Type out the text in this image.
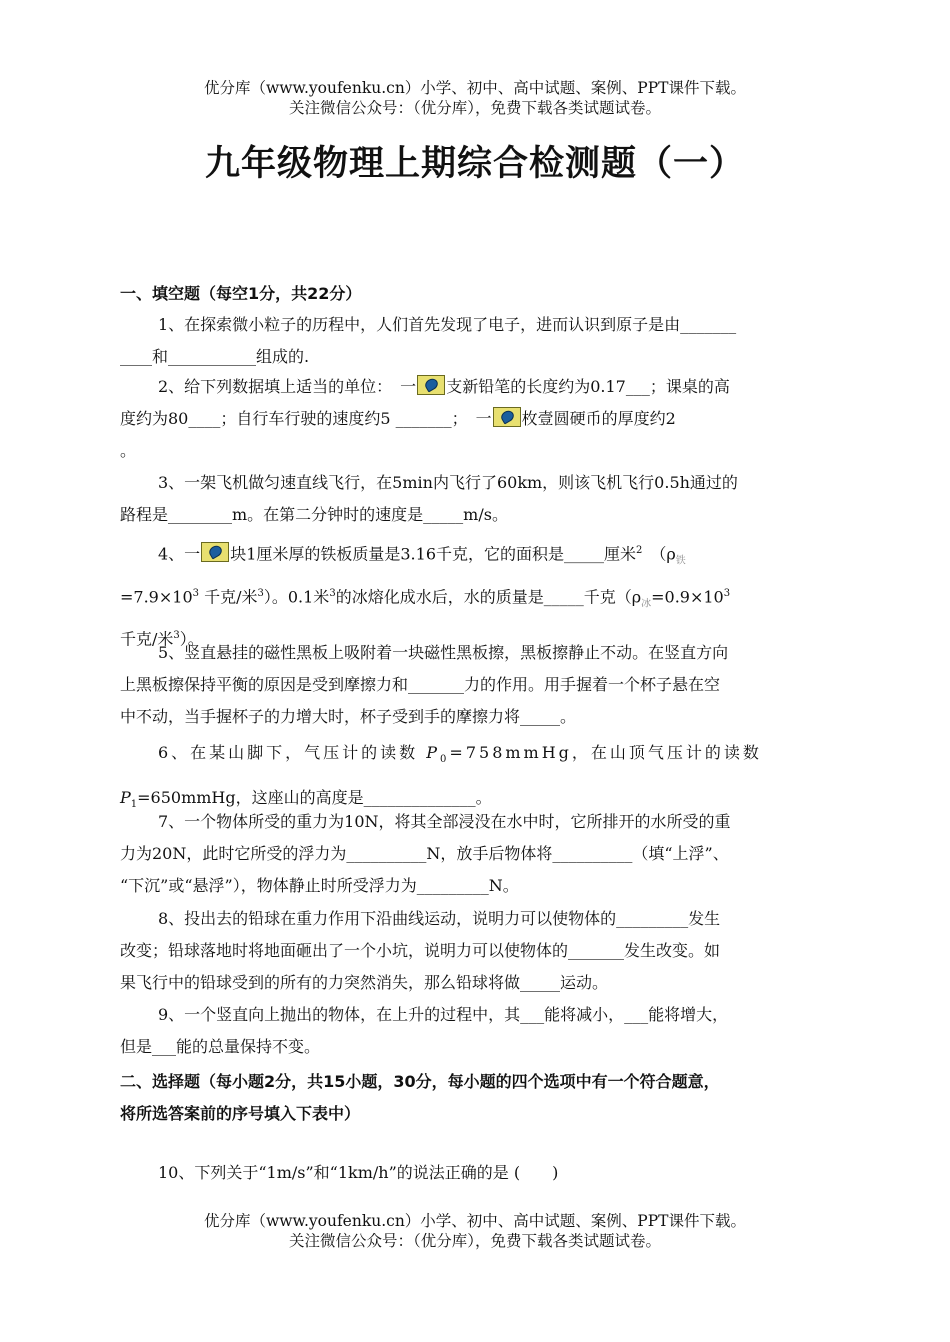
优分库（www.youfenku.cn）小学、初中、高中试题、案例、PPT课件下载。
关注微信公众号：（优分库），免费下载各类试题试卷。
九年级物理上期综合检测题（一）
一、填空题（每空1分，共22分）
1、在探索微小粒子的历程中，人们首先发现了电子，进而认识到原子是由_______
____和___________组成的.
2、给下列数据填上适当的单位：　一 支新铅笔的长度约为0.17___；课桌的高
度约为80____；自行车行驶的速度约5 _______；　一 枚壹圆硬币的厚度约2
。
3、一架飞机做匀速直线飞行，在5min内飞行了60km，则该飞机飞行0.5h通过的
路程是________m。在第二分钟时的速度是_____m/s。
4、一 块1厘米厚的铁板质量是3.16千克，它的面积是_____厘米$^2$　（$\rho_铁$
$=7.9\times 10^3$ 千克/米$^3$）。0.1米$^3$的冰熔化成水后，水的质量是_____千克（$\rho_冰=0.9\times 10^3$
千克/米$^3$）。
5、竖直悬挂的磁性黑板上吸附着一块磁性黑板擦，黑板擦静止不动。在竖直方向
上黑板擦保持平衡的原因是受到摩擦力和_______力的作用。用手握着一个杯子悬在空
中不动，当手握杯子的力增大时，杯子受到手的摩擦力将_____。
6、在某山脚下，气压计的读数 $P_0=758mmHg$，在山顶气压计的读数
$P_1=650mmHg$，这座山的高度是______________。
7、一个物体所受的重力为10N，将其全部浸没在水中时，它所排开的水所受的重
力为20N，此时它所受的浮力为__________N，放手后物体将__________（填“上浮”、
“下沉”或“悬浮”），物体静止时所受浮力为_________N。
8、投出去的铅球在重力作用下沿曲线运动，说明力可以使物体的_________发生
改变；铅球落地时将地面砸出了一个小坑，说明力可以使物体的_______发生改变。如
果飞行中的铅球受到的所有的力突然消失，那么铅球将做_____运动。
9、一个竖直向上抛出的物体，在上升的过程中，其___能将减小，___能将增大，
但是___能的总量保持不变。
二、选择题（每小题2分，共15小题，30分，每小题的四个选项中有一个符合题意，
将所选答案前的序号填入下表中）
10、下列关于“1m/s”和“1km/h”的说法正确的是 (　　)
优分库（www.youfenku.cn）小学、初中、高中试题、案例、PPT课件下载。
关注微信公众号：（优分库），免费下载各类试题试卷。
